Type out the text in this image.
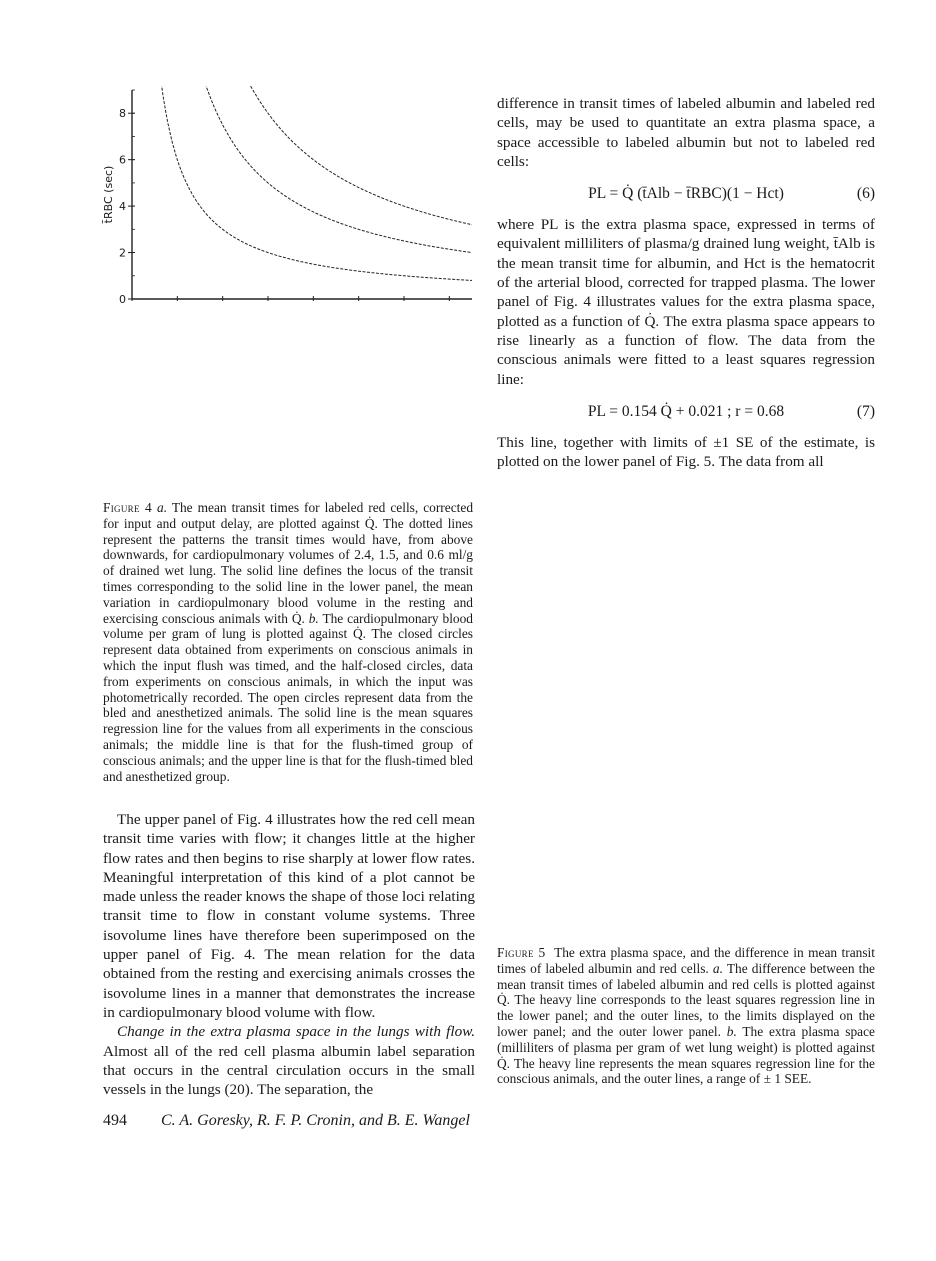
0
2
4
6
8
t̄RBC (sec)
Figure 4 a. The mean transit times for labeled red cells, corrected for input and output delay, are plotted against Q̇. The dotted lines represent the patterns the transit times would have, from above downwards, for cardiopulmonary volumes of 2.4, 1.5, and 0.6 ml/g of drained wet lung. The solid line defines the locus of the transit times corresponding to the solid line in the lower panel, the mean variation in cardiopulmonary blood volume in the resting and exercising conscious animals with Q̇. b. The cardiopulmonary blood volume per gram of lung is plotted against Q̇. The closed circles represent data obtained from experiments on conscious animals in which the input flush was timed, and the half-closed circles, data from experiments on conscious animals, in which the input was photometrically recorded. The open circles represent data from the bled and anesthetized animals. The solid line is the mean squares regression line for the values from all experiments in the conscious animals; the middle line is that for the flush-timed group of conscious animals; and the upper line is that for the flush-timed bled and anesthetized group.

The upper panel of Fig. 4 illustrates how the red cell mean transit time varies with flow; it changes little at the higher flow rates and then begins to rise sharply at lower flow rates. Meaningful interpretation of this kind of a plot cannot be made unless the reader knows the shape of those loci relating transit time to flow in constant volume systems. Three isovolume lines have therefore been superimposed on the upper panel of Fig. 4. The mean relation for the data obtained from the resting and exercising animals crosses the isovolume lines in a manner that demonstrates the increase in cardiopulmonary blood volume with flow.

Change in the extra plasma space in the lungs with flow. Almost all of the red cell plasma albumin label separation that occurs in the central circulation occurs in the small vessels in the lungs (20). The separation, the

difference in transit times of labeled albumin and labeled red cells, may be used to quantitate an extra plasma space, a space accessible to labeled albumin but not to labeled red cells:

PL = Q̇ (t̄Alb − t̄RBC)(1 − Hct)	(6)

where PL is the extra plasma space, expressed in terms of equivalent milliliters of plasma/g drained lung weight, t̄Alb is the mean transit time for albumin, and Hct is the hematocrit of the arterial blood, corrected for trapped plasma. The lower panel of Fig. 4 illustrates values for the extra plasma space, plotted as a function of Q̇. The extra plasma space appears to rise linearly as a function of flow. The data from the conscious animals were fitted to a least squares regression line:

PL = 0.154 Q̇ + 0.021 ; r = 0.68	(7)

This line, together with limits of ±1 SE of the estimate, is plotted on the lower panel of Fig. 5. The data from all

Figure 5 The extra plasma space, and the difference in mean transit times of labeled albumin and red cells. a. The difference between the mean transit times of labeled albumin and red cells is plotted against Q̇. The heavy line corresponds to the least squares regression line in the lower panel; and the outer lines, to the limits displayed on the lower panel; and the outer lower panel. b. The extra plasma space (milliliters of plasma per gram of wet lung weight) is plotted against Q̇. The heavy line represents the mean squares regression line for the conscious animals, and the outer lines, a range of ± 1 SEE.
494 C. A. Goresky, R. F. P. Cronin, and B. E. Wangel
